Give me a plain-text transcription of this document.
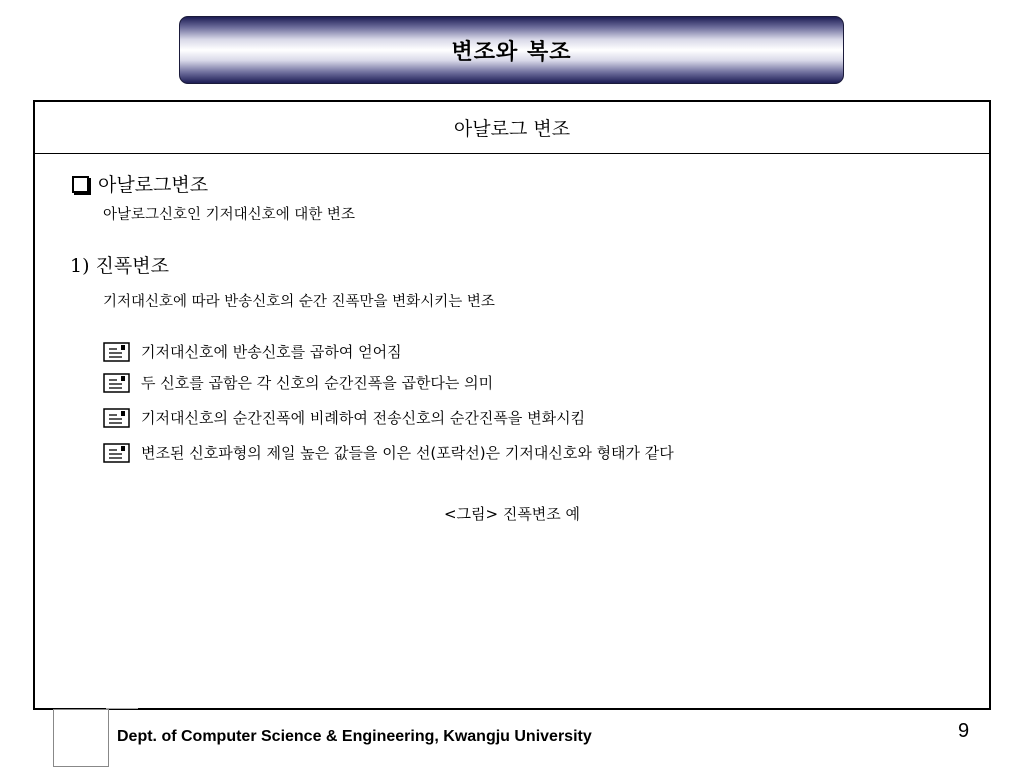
변조와 복조
아날로그 변조
아날로그변조
아날로그신호인 기저대신호에 대한 변조
1) 진폭변조
기저대신호에 따라 반송신호의 순간 진폭만을 변화시키는 변조
기저대신호에 반송신호를 곱하여 얻어짐
두 신호를 곱함은 각 신호의 순간진폭을 곱한다는 의미
기저대신호의 순간진폭에 비례하여 전송신호의 순간진폭을 변화시킴
변조된 신호파형의 제일 높은 값들을 이은 선(포락선)은 기저대신호와 형태가 같다
<그림> 진폭변조 예
Dept. of Computer Science & Engineering, Kwangju University	9
